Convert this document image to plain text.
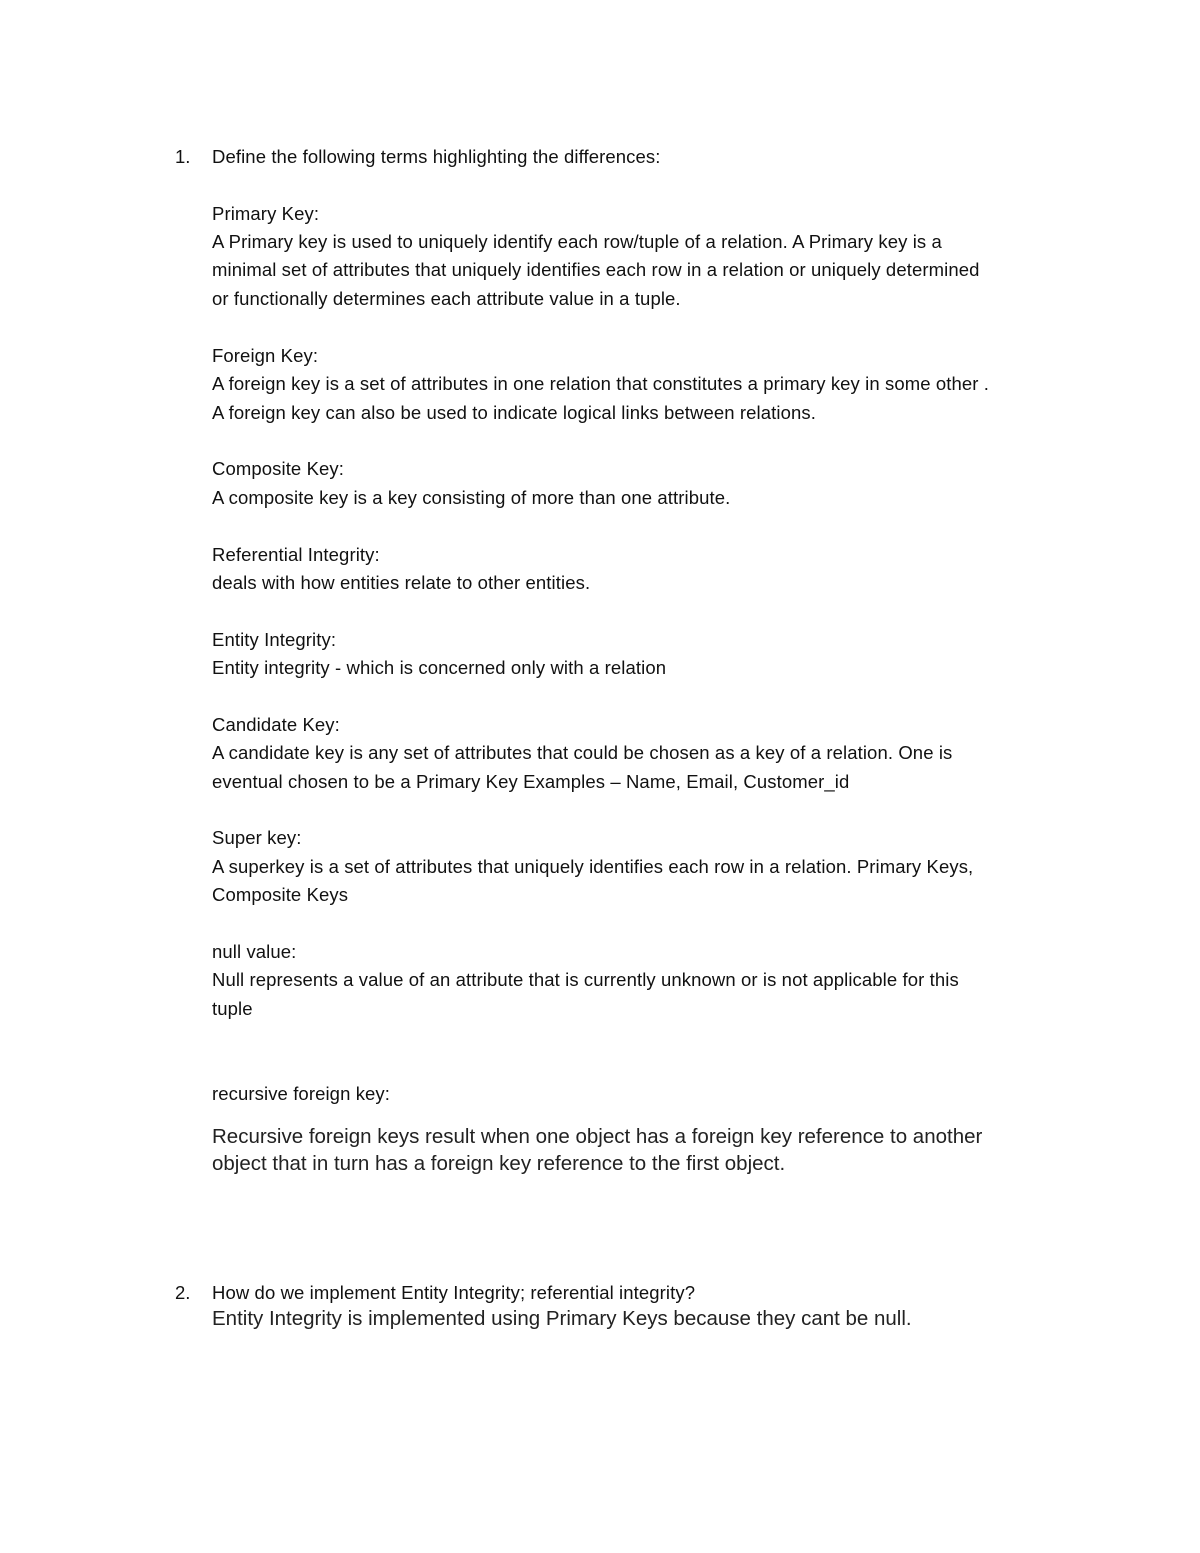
1. Define the following terms highlighting the differences:
Primary Key:
A Primary key is used to uniquely identify each row/tuple of a relation. A Primary key is a
minimal set of attributes that uniquely identifies each row in a relation or uniquely determined
or functionally determines each attribute value in a tuple.
Foreign Key:
A foreign key is a set of attributes in one relation that constitutes a primary key in some other .
A foreign key can also be used to indicate logical links between relations.
Composite Key:
A composite key is a key consisting of more than one attribute.
Referential Integrity:
deals with how entities relate to other entities.
Entity Integrity:
Entity integrity - which is concerned only with a relation
Candidate Key:
A candidate key is any set of attributes that could be chosen as a key of a relation. One is
eventual chosen to be a Primary Key Examples – Name, Email, Customer_id
Super key:
A superkey is a set of attributes that uniquely identifies each row in a relation. Primary Keys,
Composite Keys
null value:
Null represents a value of an attribute that is currently unknown or is not applicable for this
tuple
recursive foreign key:
Recursive foreign keys result when one object has a foreign key reference to another
object that in turn has a foreign key reference to the first object.
2. How do we implement Entity Integrity; referential integrity?
Entity Integrity is implemented using Primary Keys because they cant be null.
